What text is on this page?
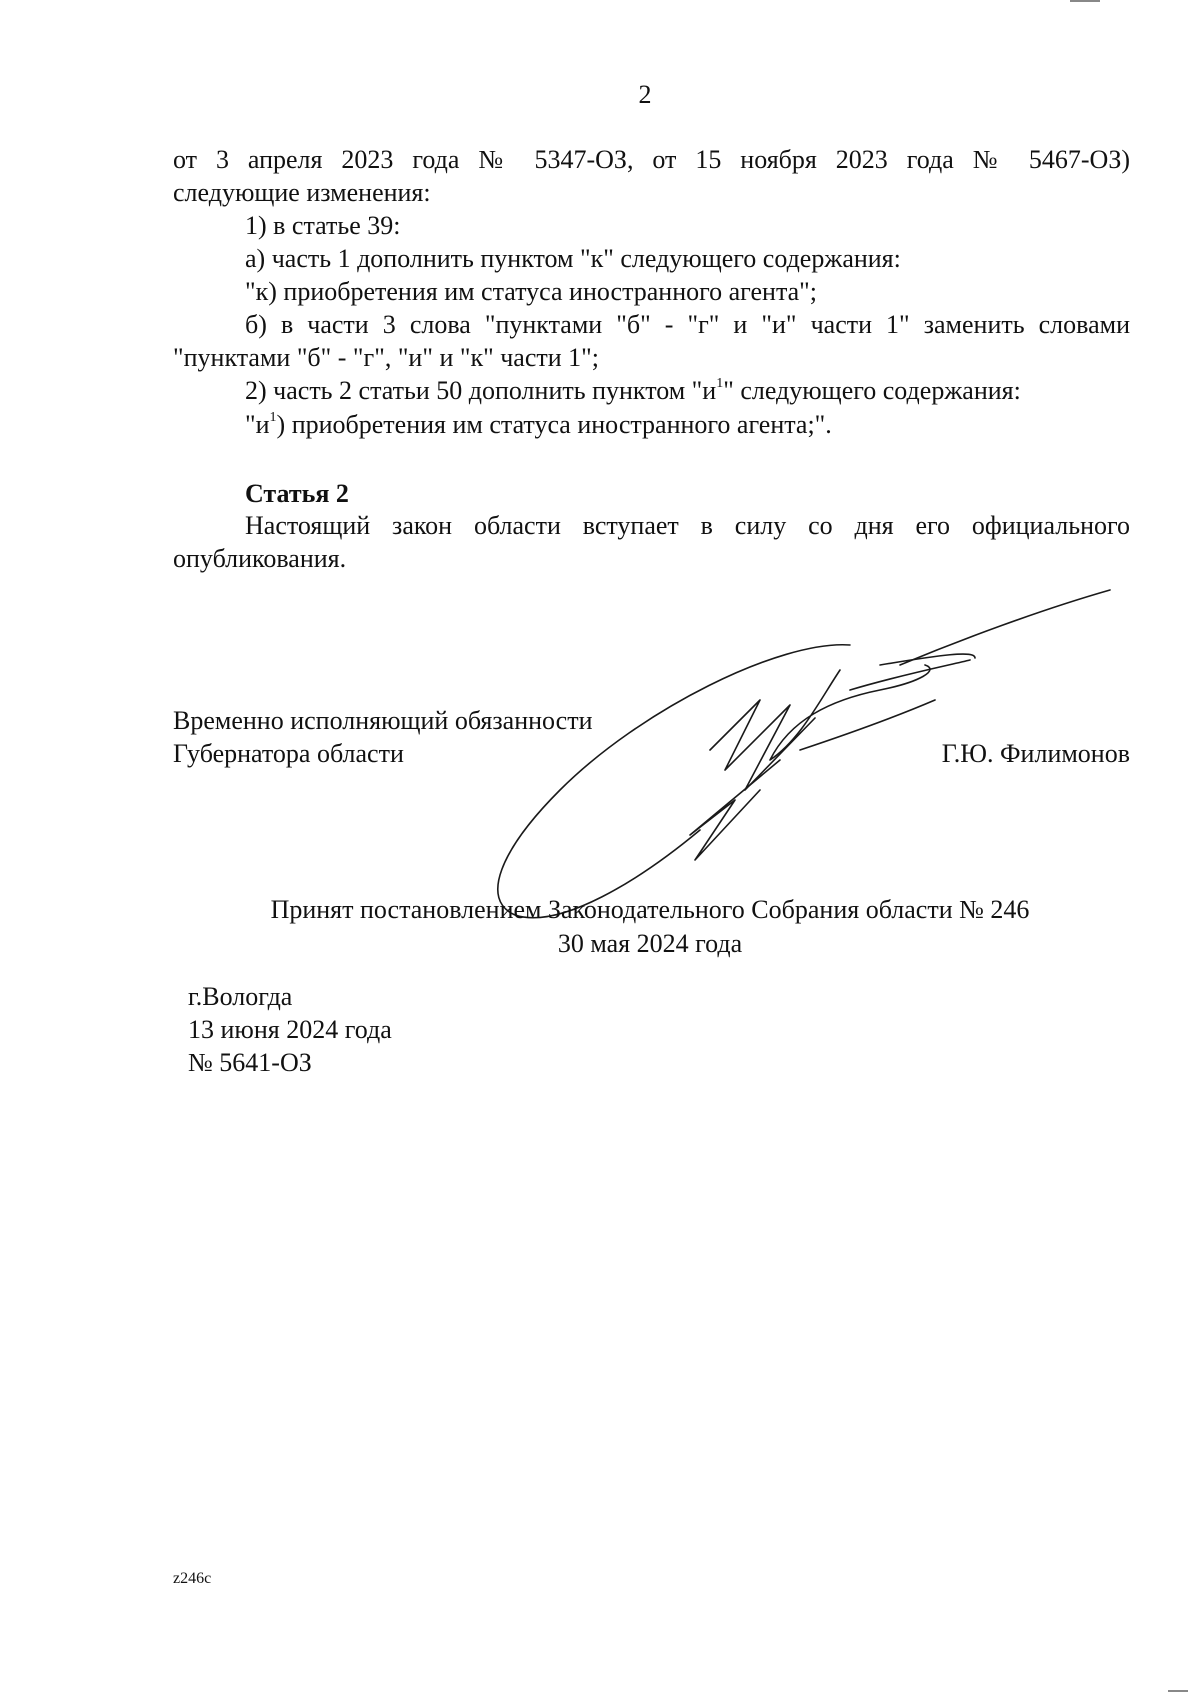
2
от 3 апреля 2023 года № 5347-ОЗ, от 15 ноября 2023 года № 5467-ОЗ)
следующие изменения:
1) в статье 39:
а) часть 1 дополнить пунктом "к" следующего содержания:
"к) приобретения им статуса иностранного агента";
б) в части 3 слова "пунктами "б" - "г" и "и" части 1" заменить словами
"пунктами "б" - "г", "и" и "к" части 1";
2) часть 2 статьи 50 дополнить пунктом "$и^1$" следующего содержания:
"$и^1$) приобретения им статуса иностранного агента;".
Статья 2
Настоящий закон области вступает в силу со дня его официального
опубликования.
Временно исполняющий обязанности
Губернатора области	Г.Ю. Филимонов
Принят постановлением Законодательного Собрания области № 246
30 мая 2024 года
г.Вологда
13 июня 2024 года
№ 5641-ОЗ
z246c
